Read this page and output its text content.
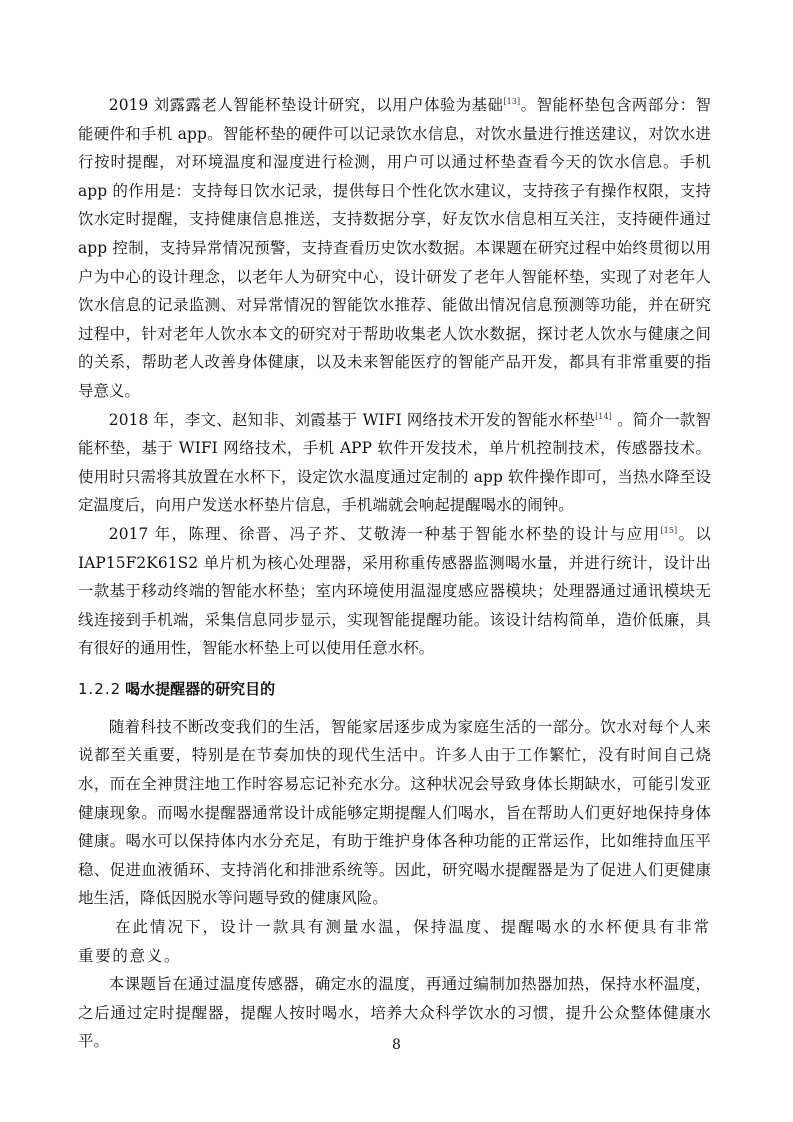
2019 刘露露老人智能杯垫设计研究，以用户体验为基础[13]。智能杯垫包含两部分：智能硬件和手机 app。智能杯垫的硬件可以记录饮水信息，对饮水量进行推送建议，对饮水进行按时提醒，对环境温度和湿度进行检测，用户可以通过杯垫查看今天的饮水信息。手机 app 的作用是：支持每日饮水记录，提供每日个性化饮水建议，支持孩子有操作权限，支持饮水定时提醒，支持健康信息推送，支持数据分享，好友饮水信息相互关注，支持硬件通过 app 控制，支持异常情况预警，支持查看历史饮水数据。本课题在研究过程中始终贯彻以用户为中心的设计理念，以老年人为研究中心，设计研发了老年人智能杯垫，实现了对老年人饮水信息的记录监测、对异常情况的智能饮水推荐、能做出情况信息预测等功能，并在研究过程中，针对老年人饮水本文的研究对于帮助收集老人饮水数据，探讨老人饮水与健康之间的关系，帮助老人改善身体健康，以及未来智能医疗的智能产品开发，都具有非常重要的指导意义。

2018 年，李文、赵知非、刘霞基于 WIFI 网络技术开发的智能水杯垫[14] 。简介一款智能杯垫，基于 WIFI 网络技术，手机 APP 软件开发技术，单片机控制技术，传感器技术。使用时只需将其放置在水杯下，设定饮水温度通过定制的 app 软件操作即可，当热水降至设定温度后，向用户发送水杯垫片信息，手机端就会响起提醒喝水的闹钟。

2017 年，陈理、徐晋、冯子芥、艾敬涛一种基于智能水杯垫的设计与应用[15]。以 IAP15F2K61S2 单片机为核心处理器，采用称重传感器监测喝水量，并进行统计，设计出一款基于移动终端的智能水杯垫；室内环境使用温湿度感应器模块；处理器通过通讯模块无线连接到手机端，采集信息同步显示，实现智能提醒功能。该设计结构简单，造价低廉，具有很好的通用性，智能水杯垫上可以使用任意水杯。

1.2.2 喝水提醒器的研究目的

随着科技不断改变我们的生活，智能家居逐步成为家庭生活的一部分。饮水对每个人来说都至关重要，特别是在节奏加快的现代生活中。许多人由于工作繁忙，没有时间自己烧水，而在全神贯注地工作时容易忘记补充水分。这种状况会导致身体长期缺水，可能引发亚健康现象。而喝水提醒器通常设计成能够定期提醒人们喝水，旨在帮助人们更好地保持身体健康。喝水可以保持体内水分充足，有助于维护身体各种功能的正常运作，比如维持血压平稳、促进血液循环、支持消化和排泄系统等。因此，研究喝水提醒器是为了促进人们更健康地生活，降低因脱水等问题导致的健康风险。

在此情况下，设计一款具有测量水温，保持温度、提醒喝水的水杯便具有非常重要的意义。

本课题旨在通过温度传感器，确定水的温度，再通过编制加热器加热，保持水杯温度，之后通过定时提醒器，提醒人按时喝水，培养大众科学饮水的习惯，提升公众整体健康水平。	8
